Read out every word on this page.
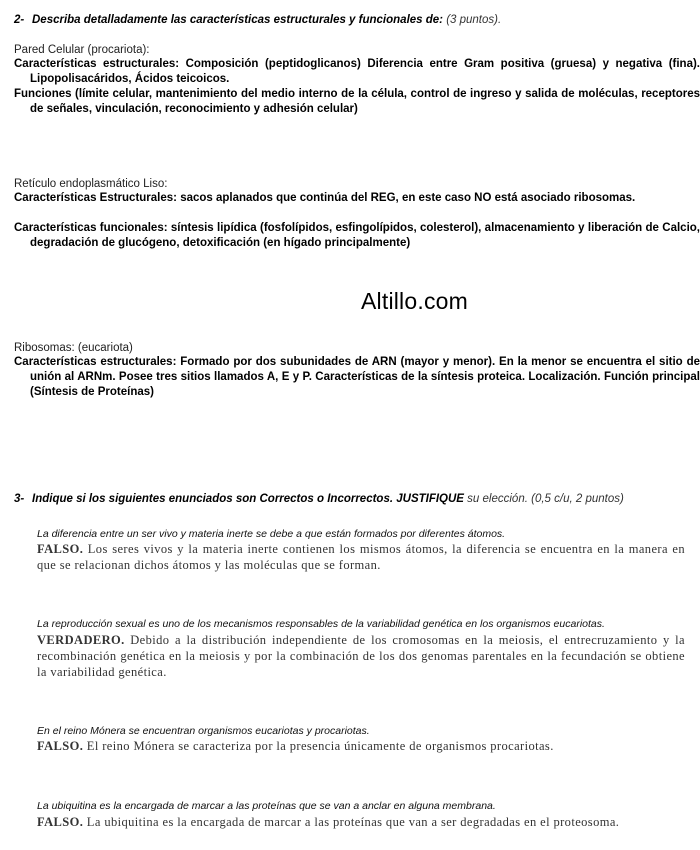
2- Describa detalladamente las características estructurales y funcionales de: (3 puntos).
Pared Celular (procariota):
Características estructurales: Composición (peptidoglicanos) Diferencia entre Gram positiva (gruesa) y negativa (fina). Lipopolisacáridos, Ácidos teicoicos.
Funciones (límite celular, mantenimiento del medio interno de la célula, control de ingreso y salida de moléculas, receptores de señales, vinculación, reconocimiento y adhesión celular)
Retículo endoplasmático Liso:
Características Estructurales: sacos aplanados que continúa del REG, en este caso NO está asociado ribosomas.
Características funcionales: síntesis lipídica (fosfolípidos, esfingolípidos, colesterol), almacenamiento y liberación de Calcio, degradación de glucógeno, detoxificación (en hígado principalmente)
Altillo.com
Ribosomas: (eucariota)
Características estructurales: Formado por dos subunidades de ARN (mayor y menor). En la menor se encuentra el sitio de unión al ARNm. Posee tres sitios llamados A, E y P. Características de la síntesis proteica. Localización. Función principal (Síntesis de Proteínas)
3- Indique si los siguientes enunciados son Correctos o Incorrectos. JUSTIFIQUE su elección. (0,5 c/u, 2 puntos)
La diferencia entre un ser vivo y materia inerte se debe a que están formados por diferentes átomos.
FALSO. Los seres vivos y la materia inerte contienen los mismos átomos, la diferencia se encuentra en la manera en que se relacionan dichos átomos y las moléculas que se forman.
La reproducción sexual es uno de los mecanismos responsables de la variabilidad genética en los organismos eucariotas.
VERDADERO. Debido a la distribución independiente de los cromosomas en la meiosis, el entrecruzamiento y la recombinación genética en la meiosis y por la combinación de los dos genomas parentales en la fecundación se obtiene la variabilidad genética.
En el reino Mónera se encuentran organismos eucariotas y procariotas.
FALSO. El reino Mónera se caracteriza por la presencia únicamente de organismos procariotas.
La ubiquitina es la encargada de marcar a las proteínas que se van a anclar en alguna membrana.
FALSO. La ubiquitina es la encargada de marcar a las proteínas que van a ser degradadas en el proteosoma.
